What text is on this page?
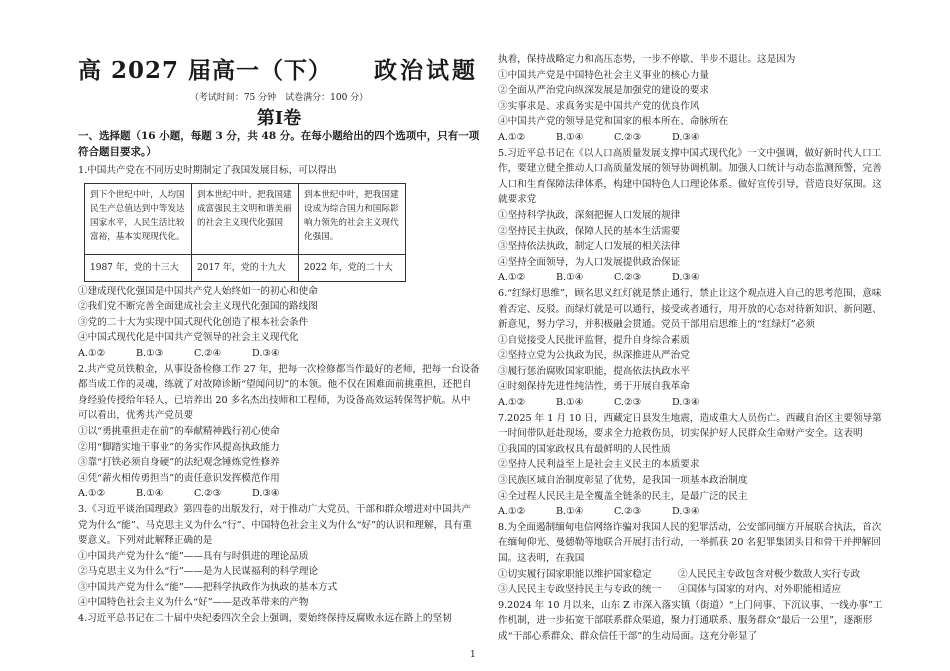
高 2027 届高一（下） 政治试题
（考试时间：75 分钟　试卷满分：100 分）
第Ⅰ卷
一、选择题（16 小题，每题 3 分，共 48 分。在每小题给出的四个选项中，只有一项符合题目要求。）

1.中国共产党在不同历史时期制定了我国发展目标，可以得出

到下个世纪中叶，人均国民生产总值达到中等发达国家水平，人民生活比较富裕，基本实现现代化。	到本世纪中叶，把我国建成富强民主文明和谐美丽的社会主义现代化强国	到本世纪中叶，把我国建设成为综合国力和国际影响力领先的社会主义现代化强国。
1987 年，党的十三大	2017 年，党的十九大	2022 年，党的二十大

①建成现代化强国是中国共产党人始终如一的初心和使命

②我们党不断完善全面建成社会主义现代化强国的路线图

③党的二十大为实现中国式现代化创造了根本社会条件

④中国式现代化是中国共产党领导的社会主义现代化

A.①②	B.①③	C.②④	D.③④

2.共产党员铁粮金，从事设备检修工作 27 年，把每一次检修都当作最好的老师，把每一台设备都当成工作的灵魂，练就了对故障诊断“望闻问切”的本领。他不仅在困难面前挑重担，还把自身经验传授给年轻人，已培养出 20 多名杰出技师和工程师，为设备高效运转保驾护航。从中可以看出，优秀共产党员要

①以“勇挑重担走在前”的奉献精神践行初心使命

②用“脚踏实地干事业”的务实作风提高执政能力

③靠“打铁必须自身硬”的法纪观念锤炼党性修养

④凭“薪火相传勇担当”的责任意识发挥模范作用

A.①②	B.①④	C.②③	D.③④

3.《习近平谈治国理政》第四卷的出版发行，对于推动广大党员、干部和群众增进对中国共产党为什么“能”、马克思主义为什么“行”、中国特色社会主义为什么“好”的认识和理解，具有重要意义。下列对此解释正确的是

①中国共产党为什么“能”——具有与时俱进的理论品质

②马克思主义为什么“行”——是为人民谋福利的科学理论

③中国共产党为什么“能”——把科学执政作为执政的基本方式

④中国特色社会主义为什么“好”——是改革带来的产物

4.习近平总书记在二十届中央纪委四次全会上强调，要始终保持反腐败永远在路上的坚韧

执着，保持战略定力和高压态势，一步不停歇、半步不退让。这是因为

①中国共产党是中国特色社会主义事业的核心力量

②全面从严治党向纵深发展是加强党的建设的要求

③实事求是、求真务实是中国共产党的优良作风

④中国共产党的领导是党和国家的根本所在、命脉所在

A.①②	B.①④	C.②③	D.③④

5.习近平总书记在《以人口高质量发展支撑中国式现代化》一文中强调，做好新时代人口工作，要建立健全推动人口高质量发展的领导协调机制。加强人口统计与动态监测预警，完善人口和生育保障法律体系，构建中国特色人口理论体系。做好宣传引导，营造良好氛围。这就要求党

①坚持科学执政，深刻把握人口发展的规律

②坚持民主执政，保障人民的基本生活需要

③坚持依法执政，制定人口发展的相关法律

④坚持全面领导，为人口发展提供政治保证

A.①②	B.①④	C.②③	D.③④

6.“红绿灯思维”，顾名思义红灯就是禁止通行，禁止让这个观点进入自己的思考范围，意味着否定、反驳。而绿灯就是可以通行，接受或者通行，用开放的心态对待新知识、新问题、新意见，努力学习，并积极融会贯通。党员干部用启思维上的“红绿灯”必须

①自觉接受人民批评监督，提升自身综合素质

②坚持立党为公执政为民，纵深推进从严治党

③履行惩治腐败国家职能，提高依法执政水平

④时刻保持先进性纯洁性，勇于开展自我革命

A.①②	B.①④	C.②③	D.③④

7.2025 年 1 月 10 日，西藏定日县发生地震，造成重大人员伤亡。西藏自治区主要领导第一时间带队赶赴现场，要求全力抢救伤员，切实保护好人民群众生命财产安全。这表明

①我国的国家政权具有最鲜明的人民性质

②坚持人民利益至上是社会主义民主的本质要求

③民族区域自治制度彰显了优势，是我国一项基本政治制度

④全过程人民民主是全覆盖全链条的民主，是最广泛的民主

A.①②	B.①④	C.②③	D.③④

8.为全面遏制缅甸电信网络诈骗对我国人民的犯罪活动，公安部同缅方开展联合执法，首次在缅甸仰光、曼德勒等地联合开展打击行动，一举抓获 20 名犯罪集团头目和骨干并押解回国。这表明，在我国

①切实履行国家职能以维护国家稳定	②人民民主专政包含对极少数敌人实行专政

③人民民主专政坚持民主与专政的统一	④国体与国家的对内、对外职能相适应

9.2024 年 10 月以来，山东 Z 市深入落实镇（街道）“上门问事、下沉议事、一线办事”工作机制，进一步拓宽干部联系群众渠道，聚力打通联系、服务群众“最后一公里”，逐渐形成“干部心系群众、群众信任干部”的生动局面。这充分彰显了

1
